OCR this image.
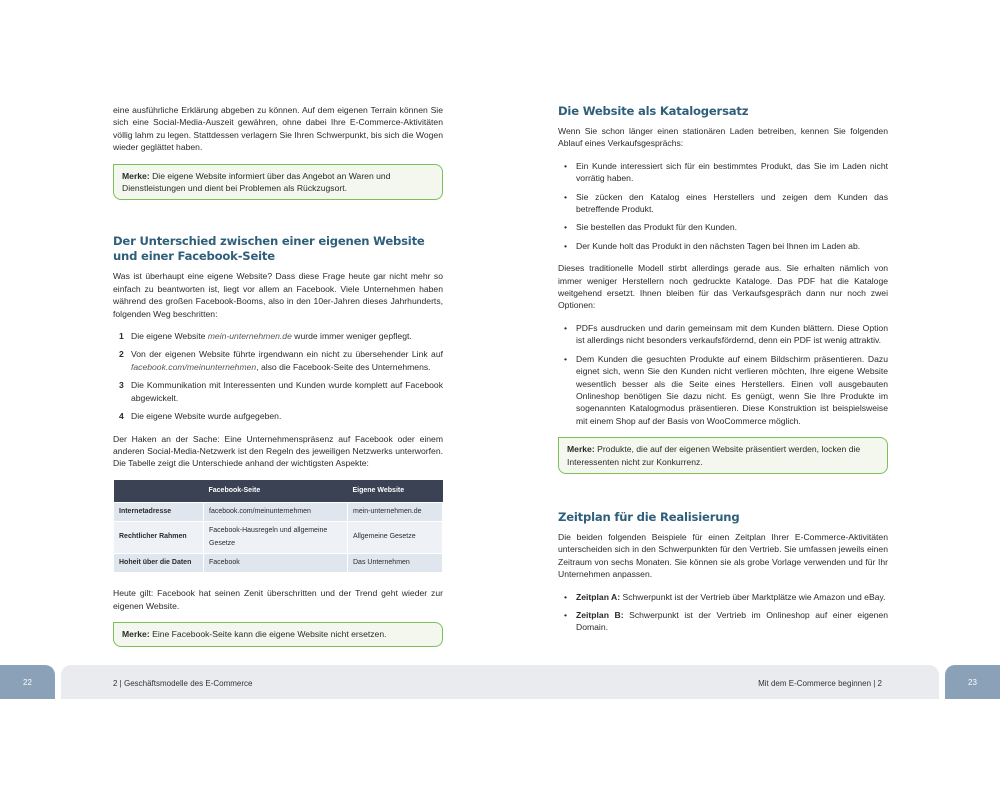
eine ausführliche Erklärung abgeben zu können. Auf dem eigenen Terrain können Sie sich eine Social-Media-Auszeit gewähren, ohne dabei Ihre E-Commerce-Aktivitäten völlig lahm zu legen. Stattdessen verlagern Sie Ihren Schwerpunkt, bis sich die Wogen wieder geglättet haben.

Merke: Die eigene Website informiert über das Angebot an Waren und Dienstleistungen und dient bei Problemen als Rückzugsort.
Der Unterschied zwischen einer eigenen Website und einer Facebook-Seite

Was ist überhaupt eine eigene Website? Dass diese Frage heute gar nicht mehr so einfach zu beantworten ist, liegt vor allem an Facebook. Viele Unternehmen haben während des großen Facebook-Booms, also in den 10er-Jahren dieses Jahrhunderts, folgenden Weg beschritten:

1 Die eigene Website mein-unternehmen.de wurde immer weniger gepflegt.
2 Von der eigenen Website führte irgendwann ein nicht zu übersehender Link auf facebook.com/meinunternehmen, also die Facebook-Seite des Unternehmens.
3 Die Kommunikation mit Interessenten und Kunden wurde komplett auf Facebook abgewickelt.
4 Die eigene Website wurde aufgegeben.

Der Haken an der Sache: Eine Unternehmenspräsenz auf Facebook oder einem anderen Social-Media-Netzwerk ist den Regeln des jeweiligen Netzwerks unterworfen. Die Tabelle zeigt die Unterschiede anhand der wichtigsten Aspekte:

	Facebook-Seite	Eigene Website
Internetadresse	facebook.com/meinunternehmen	mein-unternehmen.de
Rechtlicher Rahmen	Facebook-Hausregeln und allgemeine Gesetze	Allgemeine Gesetze
Hoheit über die Daten	Facebook	Das Unternehmen

Heute gilt: Facebook hat seinen Zenit überschritten und der Trend geht wieder zur eigenen Website.

Merke: Eine Facebook-Seite kann die eigene Website nicht ersetzen.
Die Website als Katalogersatz

Wenn Sie schon länger einen stationären Laden betreiben, kennen Sie folgenden Ablauf eines Verkaufsgesprächs:

• Ein Kunde interessiert sich für ein bestimmtes Produkt, das Sie im Laden nicht vorrätig haben.
• Sie zücken den Katalog eines Herstellers und zeigen dem Kunden das betreffende Produkt.
• Sie bestellen das Produkt für den Kunden.
• Der Kunde holt das Produkt in den nächsten Tagen bei Ihnen im Laden ab.

Dieses traditionelle Modell stirbt allerdings gerade aus. Sie erhalten nämlich von immer weniger Herstellern noch gedruckte Kataloge. Das PDF hat die Kataloge weitgehend ersetzt. Ihnen bleiben für das Verkaufsgespräch dann nur noch zwei Optionen:

• PDFs ausdrucken und darin gemeinsam mit dem Kunden blättern. Diese Option ist allerdings nicht besonders verkaufsfördernd, denn ein PDF ist wenig attraktiv.
• Dem Kunden die gesuchten Produkte auf einem Bildschirm präsentieren. Dazu eignet sich, wenn Sie den Kunden nicht verlieren möchten, Ihre eigene Website wesentlich besser als die Seite eines Herstellers. Einen voll ausgebauten Onlineshop benötigen Sie dazu nicht. Es genügt, wenn Sie Ihre Produkte im sogenannten Katalogmodus präsentieren. Diese Konstruktion ist beispielsweise mit einem Shop auf der Basis von WooCommerce möglich.
Merke: Produkte, die auf der eigenen Website präsentiert werden, locken die Interessenten nicht zur Konkurrenz.
Zeitplan für die Realisierung

Die beiden folgenden Beispiele für einen Zeitplan Ihrer E-Commerce-Aktivitäten unterscheiden sich in den Schwerpunkten für den Vertrieb. Sie umfassen jeweils einen Zeitraum von sechs Monaten. Sie können sie als grobe Vorlage verwenden und für Ihr Unternehmen anpassen.

• Zeitplan A: Schwerpunkt ist der Vertrieb über Marktplätze wie Amazon und eBay.
• Zeitplan B: Schwerpunkt ist der Vertrieb im Onlineshop auf einer eigenen Domain.
22	23
2 | Geschäftsmodelle des E-Commerce	Mit dem E-Commerce beginnen | 2
